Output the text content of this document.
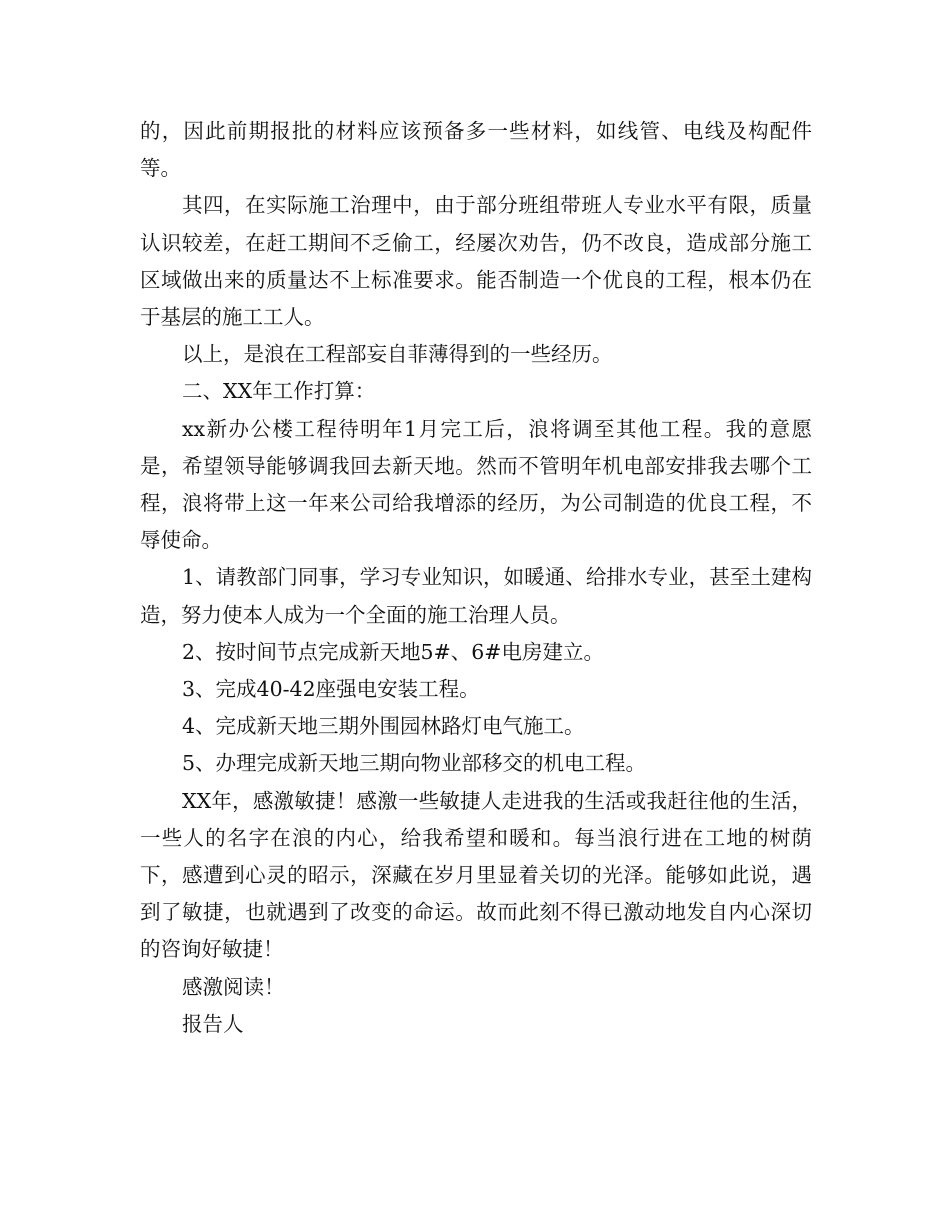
的，因此前期报批的材料应该预备多一些材料，如线管、电线及构配件等。

其四，在实际施工治理中，由于部分班组带班人专业水平有限，质量认识较差，在赶工期间不乏偷工，经屡次劝告，仍不改良，造成部分施工区域做出来的质量达不上标准要求。能否制造一个优良的工程，根本仍在于基层的施工工人。

以上，是浪在工程部妄自菲薄得到的一些经历。

二、XX年工作打算：

xx新办公楼工程待明年1月完工后，浪将调至其他工程。我的意愿是，希望领导能够调我回去新天地。然而不管明年机电部安排我去哪个工程，浪将带上这一年来公司给我增添的经历，为公司制造的优良工程，不辱使命。

1、请教部门同事，学习专业知识，如暖通、给排水专业，甚至土建构造，努力使本人成为一个全面的施工治理人员。

2、按时间节点完成新天地5#、6#电房建立。

3、完成40-42座强电安装工程。

4、完成新天地三期外围园林路灯电气施工。

5、办理完成新天地三期向物业部移交的机电工程。

XX年，感激敏捷！感激一些敏捷人走进我的生活或我赶往他的生活，一些人的名字在浪的内心，给我希望和暖和。每当浪行进在工地的树荫下，感遭到心灵的昭示，深藏在岁月里显着关切的光泽。能够如此说，遇到了敏捷，也就遇到了改变的命运。故而此刻不得已激动地发自内心深切的咨询好敏捷！

感激阅读！

报告人
